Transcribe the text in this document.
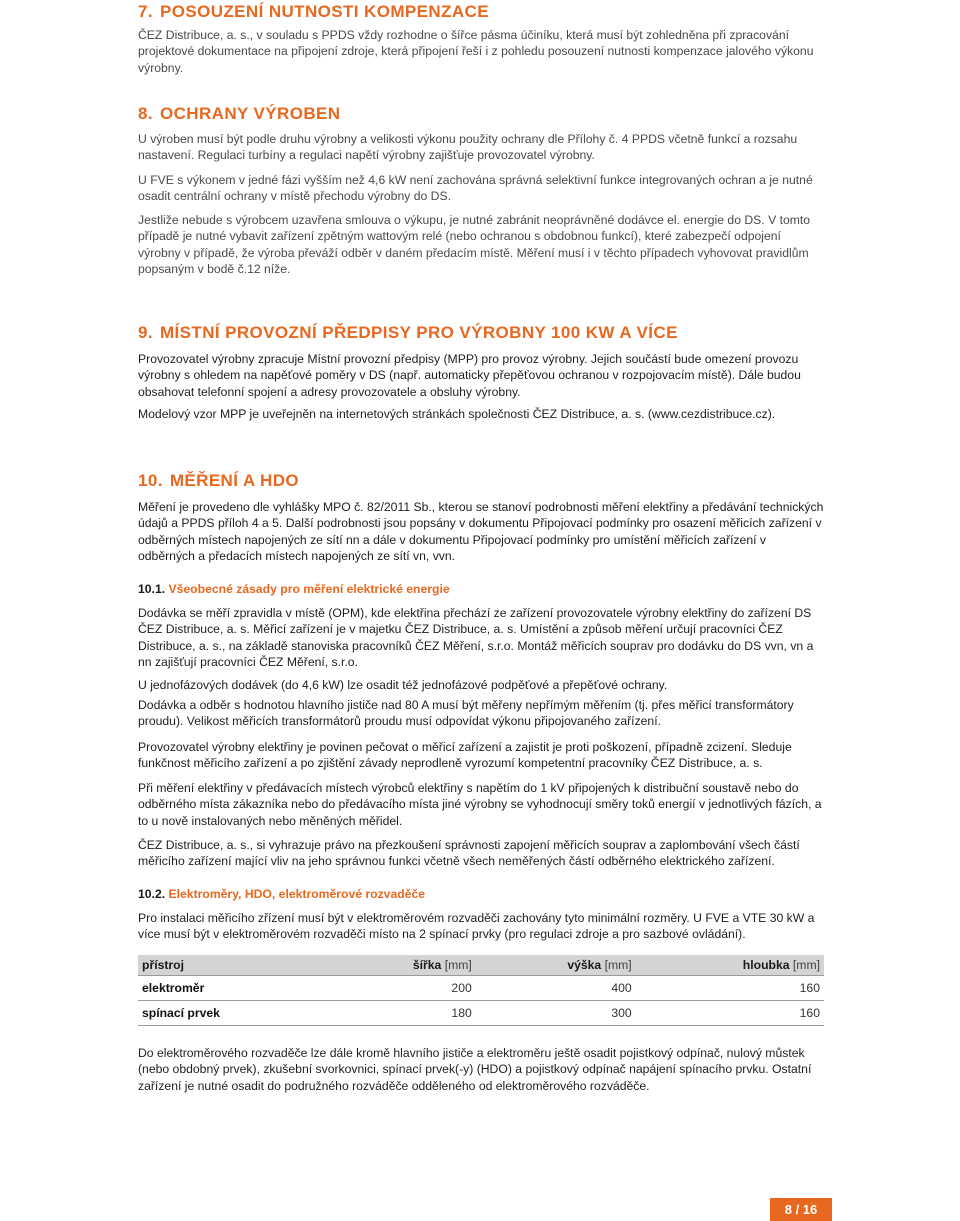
7. POSOUZENÍ NUTNOSTI KOMPENZACE

ČEZ Distribuce, a. s., v souladu s PPDS vždy rozhodne o šířce pásma účiníku, která musí být zohledněna při zpracování projektové dokumentace na připojení zdroje, která připojení řeší i z pohledu posouzení nutnosti kompenzace jalového výkonu výrobny.

8. OCHRANY VÝROBEN

U výroben musí být podle druhu výrobny a velikosti výkonu použity ochrany dle Přílohy č. 4 PPDS včetně funkcí a rozsahu nastavení. Regulaci turbíny a regulaci napětí výrobny zajišťuje provozovatel výrobny.

U FVE s výkonem v jedné fázi vyšším než 4,6 kW není zachována správná selektivní funkce integrovaných ochran a je nutné osadit centrální ochrany v místě přechodu výrobny do DS.

Jestliže nebude s výrobcem uzavřena smlouva o výkupu, je nutné zabránit neoprávněné dodávce el. energie do DS. V tomto případě je nutné vybavit zařízení zpětným wattovým relé (nebo ochranou s obdobnou funkcí), které zabezpečí odpojení výrobny v případě, že výroba převáží odběr v daném předacím místě. Měření musí i v těchto případech vyhovovat pravidlům popsaným v bodě č.12 níže.

9. MÍSTNÍ PROVOZNÍ PŘEDPISY PRO VÝROBNY 100 KW A VÍCE

Provozovatel výrobny zpracuje Místní provozní předpisy (MPP) pro provoz výrobny. Jejich součástí bude omezení provozu výrobny s ohledem na napěťové poměry v DS (např. automaticky přepěťovou ochranou v rozpojovacím místě). Dále budou obsahovat telefonní spojení a adresy provozovatele a obsluhy výrobny.

Modelový vzor MPP je uveřejněn na internetových stránkách společnosti ČEZ Distribuce, a. s. (www.cezdistribuce.cz).

10. MĚŘENÍ A HDO

Měření je provedeno dle vyhlášky MPO č. 82/2011 Sb., kterou se stanoví podrobnosti měření elektřiny a předávání technických údajů a PPDS příloh 4 a 5. Další podrobnosti jsou popsány v dokumentu Připojovací podmínky pro osazení měřicích zařízení v odběrných místech napojených ze sítí nn a dále v dokumentu Připojovací podmínky pro umístění měřicích zařízení v odběrných a předacích místech napojených ze sítí vn, vvn.

10.1. Všeobecné zásady pro měření elektrické energie

Dodávka se měří zpravidla v místě (OPM), kde elektřina přechází ze zařízení provozovatele výrobny elektřiny do zařízení DS ČEZ Distribuce, a. s. Měřicí zařízení je v majetku ČEZ Distribuce, a. s. Umístění a způsob měření určují pracovníci ČEZ Distribuce, a. s., na základě stanoviska pracovníků ČEZ Měření, s.r.o. Montáž měřicích souprav pro dodávku do DS vvn, vn a nn zajišťují pracovníci ČEZ Měření, s.r.o.

U jednofázových dodávek (do 4,6 kW) lze osadit též jednofázové podpěťové a přepěťové ochrany.

Dodávka a odběr s hodnotou hlavního jističe nad 80 A musí být měřeny nepřímým měřením (tj. přes měřicí transformátory proudu). Velikost měřicích transformátorů proudu musí odpovídat výkonu připojovaného zařízení.

Provozovatel výrobny elektřiny je povinen pečovat o měřicí zařízení a zajistit je proti poškození, případně zcizení. Sleduje funkčnost měřicího zařízení a po zjištění závady neprodleně vyrozumí kompetentní pracovníky ČEZ Distribuce, a. s.

Při měření elektřiny v předávacích místech výrobců elektřiny s napětím do 1 kV připojených k distribuční soustavě nebo do odběrného místa zákazníka nebo do předávacího místa jiné výrobny se vyhodnocují směry toků energií v jednotlivých fázích, a to u nově instalovaných nebo měněných měřidel.

ČEZ Distribuce, a. s., si vyhrazuje právo na přezkoušení správnosti zapojení měřicích souprav a zaplombování všech částí měřicího zařízení mající vliv na jeho správnou funkci včetně všech neměřených částí odběrného elektrického zařízení.

10.2. Elektroměry, HDO, elektroměrové rozvaděče

Pro instalaci měřicího zřízení musí být v elektroměrovém rozvaděči zachovány tyto minimální rozměry. U FVE a VTE 30 kW a více musí být v elektroměrovém rozvaděči místo na 2 spínací prvky (pro regulaci zdroje a pro sazbové ovládání).

přístroj	šířka [mm]	výška [mm]	hloubka [mm]
elektroměr	200	400	160
spínací prvek	180	300	160

Do elektroměrového rozvaděče lze dále kromě hlavního jističe a elektroměru ještě osadit pojistkový odpínač, nulový můstek (nebo obdobný prvek), zkušební svorkovnici, spínací prvek(-y) (HDO) a pojistkový odpínač napájení spínacího prvku. Ostatní zařízení je nutné osadit do podružného rozváděče odděleného od elektroměrového rozváděče.

8 / 16
